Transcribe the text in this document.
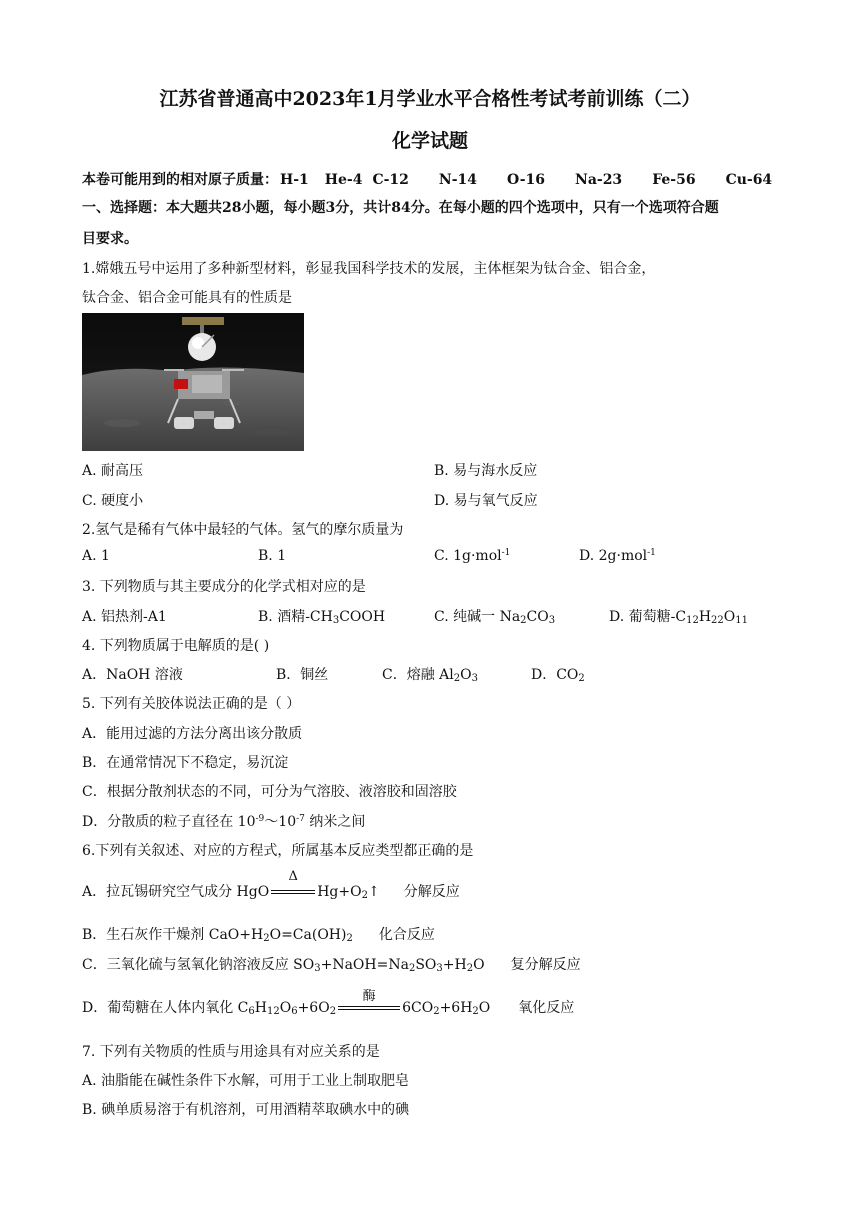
江苏省普通高中2023年1月学业水平合格性考试考前训练（二）
化学试题
本卷可能用到的相对原子质量： H-1 He-4 C-12 N-14 O-16 Na-23 Fe-56 Cu-64
一、选择题：本大题共28小题，每小题3分，共计84分。在每小题的四个选项中，只有一个选项符合题
目要求。
1.嫦娥五号中运用了多种新型材料，彰显我国科学技术的发展，主体框架为钛合金、铝合金，
钛合金、铝合金可能具有的性质是
A. 耐高压	B. 易与海水反应
C. 硬度小	D. 易与氧气反应
2.氢气是稀有气体中最轻的气体。氢气的摩尔质量为
A. 1	B. 1	C. 1g·mol$^{-1}$	D. 2g·mol$^{-1}$
3. 下列物质与其主要成分的化学式相对应的是
A. 铝热剂-A1	B. 酒精$-CH_3COOH$	C. 纯碱一 $Na_2CO_3$	D. 葡萄糖$-C_{12}H_{22}O_{11}$
4. 下列物质属于电解质的是( )
A．NaOH 溶液	B．铜丝	C．熔融 $Al_2O_3$	D．$CO_2$
5. 下列有关胶体说法正确的是（ ）
A．能用过滤的方法分离出该分散质
B．在通常情况下不稳定，易沉淀
C．根据分散剂状态的不同，可分为气溶胶、液溶胶和固溶胶
D．分散质的粒子直径在 $10^{-9}\sim 10^{-7}$ 纳米之间
6.下列有关叙述、对应的方程式，所属基本反应类型都正确的是
A．拉瓦锡研究空气成分 HgO
Δ
$Hg+O_2↑$ 分解反应
B．生石灰作干燥剂 $CaO+H_2O=Ca(OH)_2$ 化合反应
C．三氧化硫与氢氧化钠溶液反应 $SO_3+NaOH=Na_2SO_3+H_2O$ 复分解反应
D．葡萄糖在人体内氧化 $C_6H_{12}O_6+6O_2$
酶
$6CO_2+6H_2O$ 氧化反应
7. 下列有关物质的性质与用途具有对应关系的是
A. 油脂能在碱性条件下水解，可用于工业上制取肥皂
B. 碘单质易溶于有机溶剂，可用酒精萃取碘水中的碘
